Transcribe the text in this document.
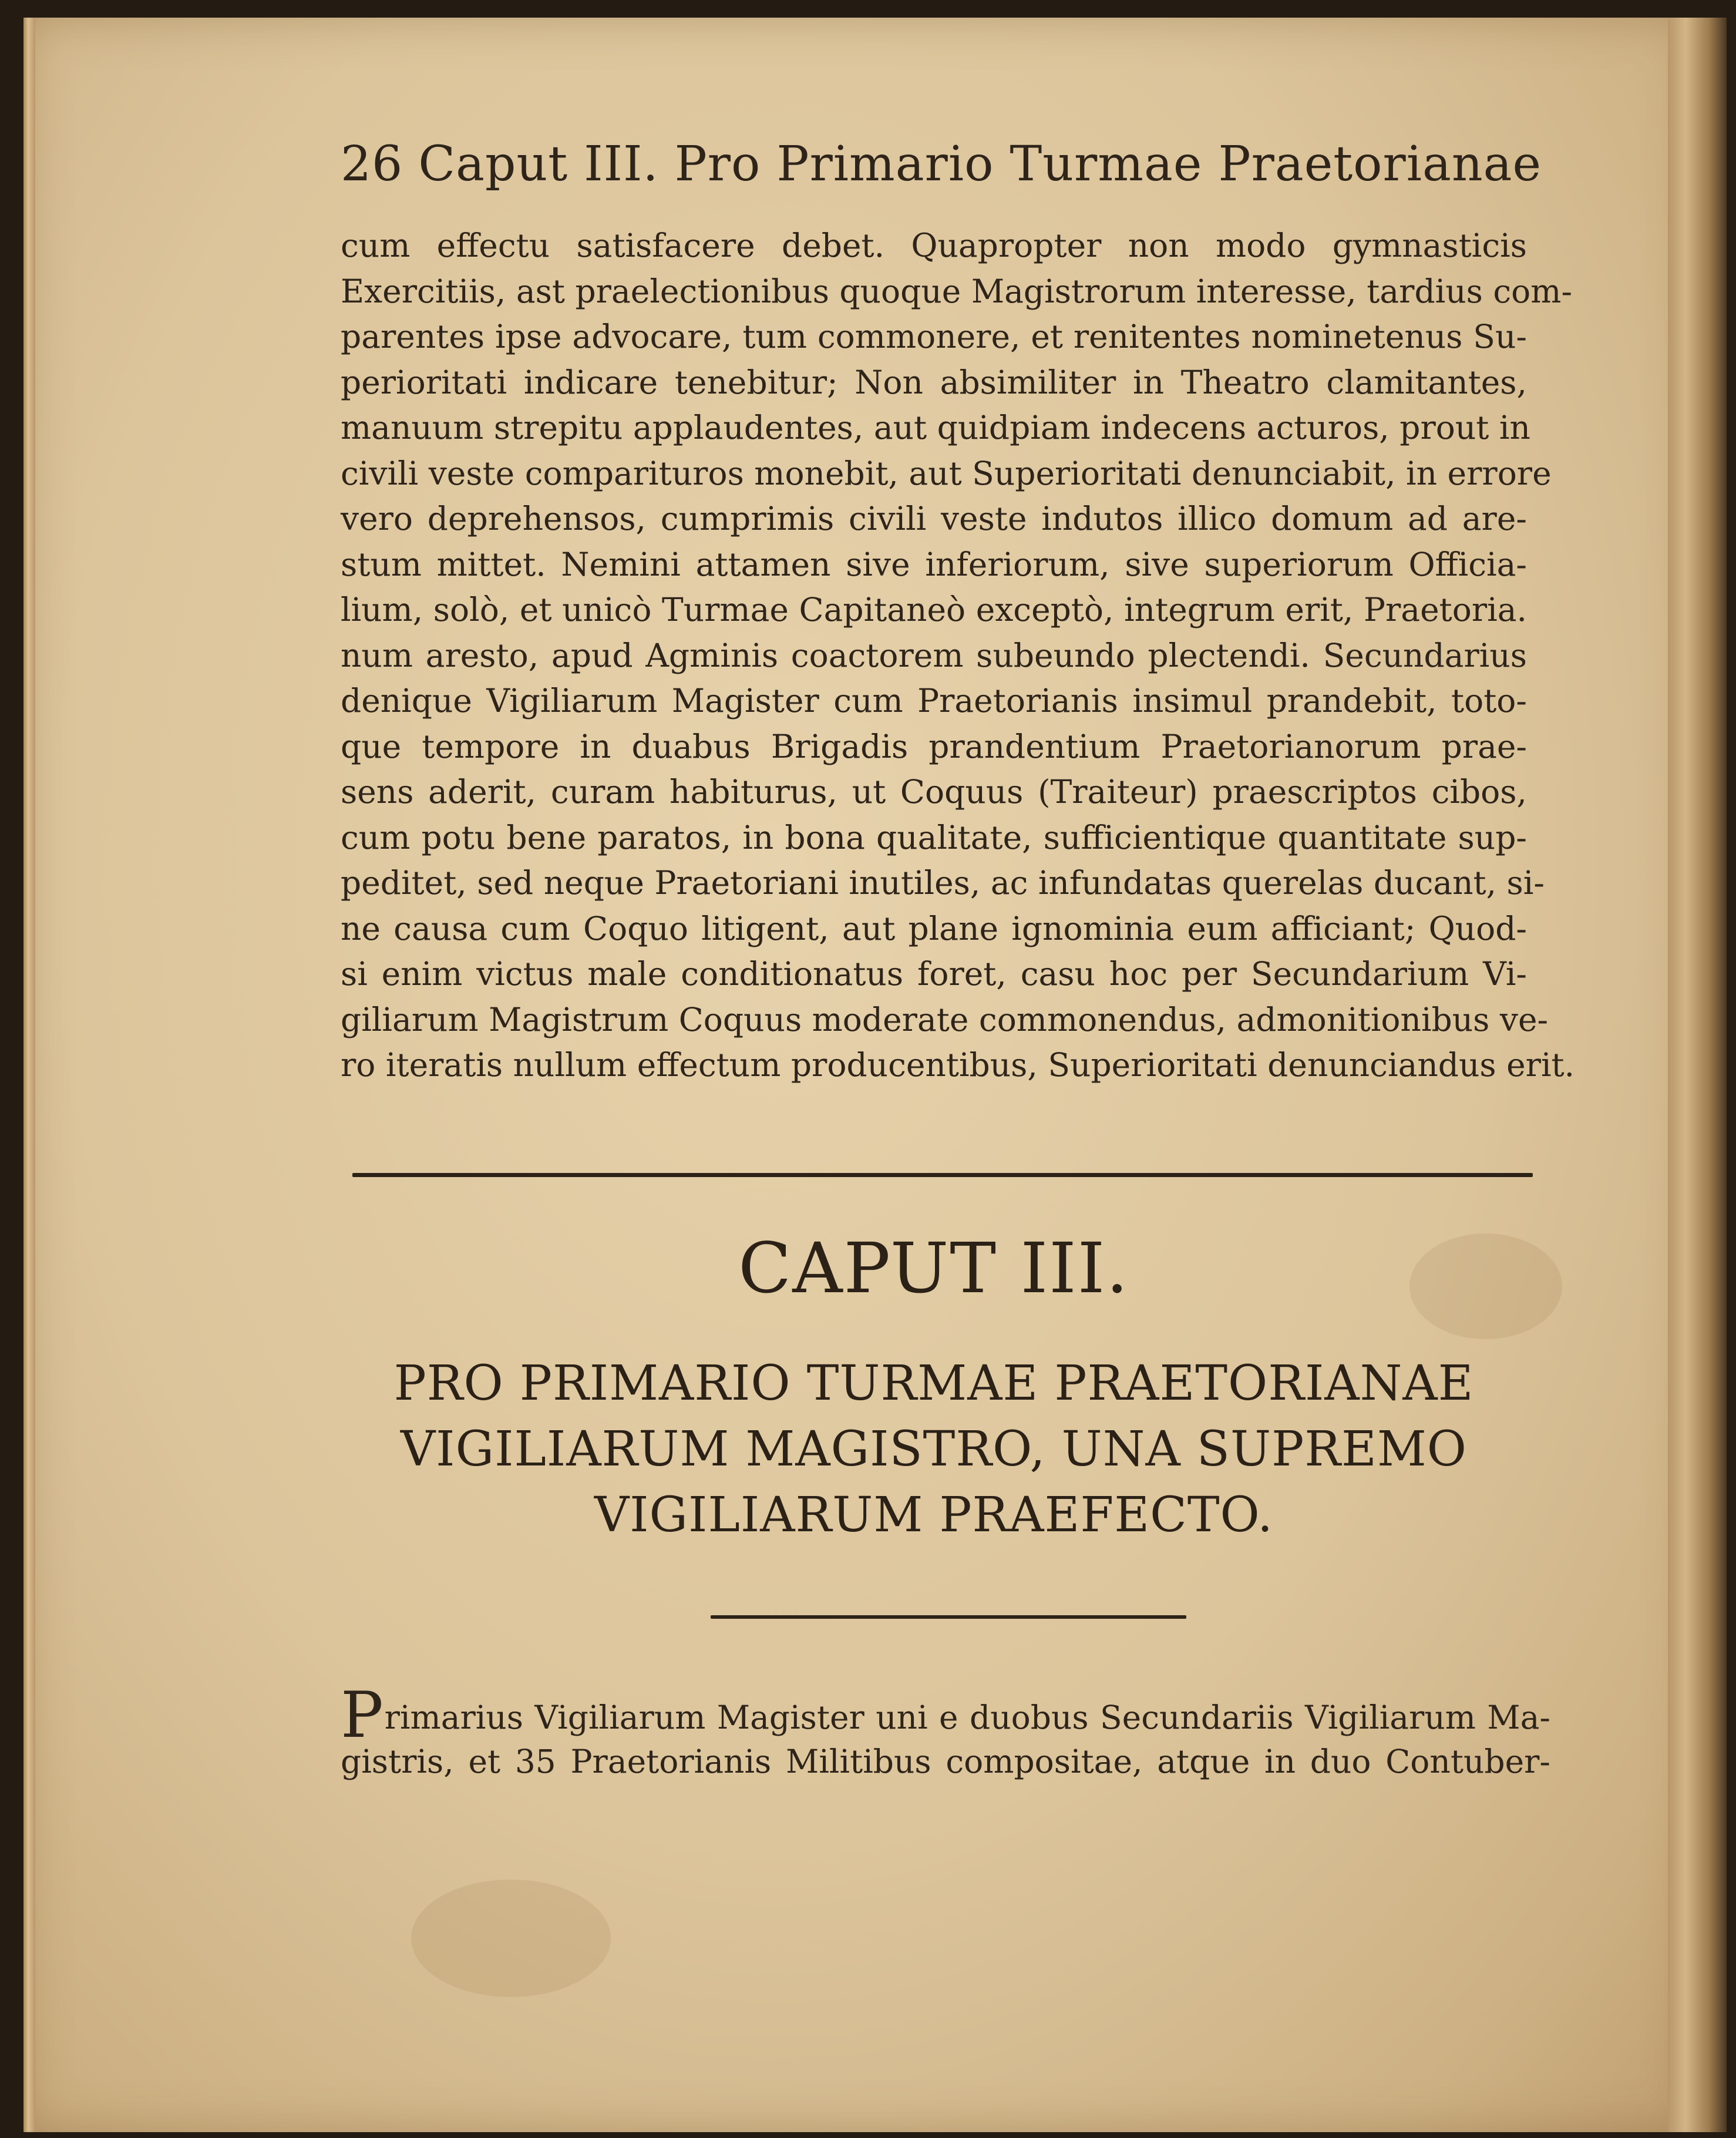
26 Caput III. Pro Primario Turmae Praetorianae
cum effectu satisfacere debet. Quapropter non modo gymnasticis
Exercitiis, ast praelectionibus quoque Magistrorum interesse, tardius com-
parentes ipse advocare, tum commonere, et renitentes nominetenus Su-
perioritati indicare tenebitur; Non absimiliter in Theatro clamitantes,
manuum strepitu applaudentes, aut quidpiam indecens acturos, prout in
civili veste comparituros monebit, aut Superioritati denunciabit, in errore
vero deprehensos, cumprimis civili veste indutos illico domum ad are-
stum mittet. Nemini attamen sive inferiorum, sive superiorum Officia-
lium, solò, et unicò Turmae Capitaneò exceptò, integrum erit, Praetoria.
num aresto, apud Agminis coactorem subeundo plectendi. Secundarius
denique Vigiliarum Magister cum Praetorianis insimul prandebit, toto-
que tempore in duabus Brigadis prandentium Praetorianorum prae-
sens aderit, curam habiturus, ut Coquus (Traiteur) praescriptos cibos,
cum potu bene paratos, in bona qualitate, sufficientique quantitate sup-
peditet, sed neque Praetoriani inutiles, ac infundatas querelas ducant, si-
ne causa cum Coquo litigent, aut plane ignominia eum afficiant; Quod-
si enim victus male conditionatus foret, casu hoc per Secundarium Vi-
giliarum Magistrum Coquus moderate commonendus, admonitionibus ve-
ro iteratis nullum effectum producentibus, Superioritati denunciandus erit.
CAPUT III.
PRO PRIMARIO TURMAE PRAETORIANAE
VIGILIARUM MAGISTRO, UNA SUPREMO
VIGILIARUM PRAEFECTO.
Primarius Vigiliarum Magister uni e duobus Secundariis Vigiliarum Ma-
gistris, et 35 Praetorianis Militibus compositae, atque in duo Contuber-
